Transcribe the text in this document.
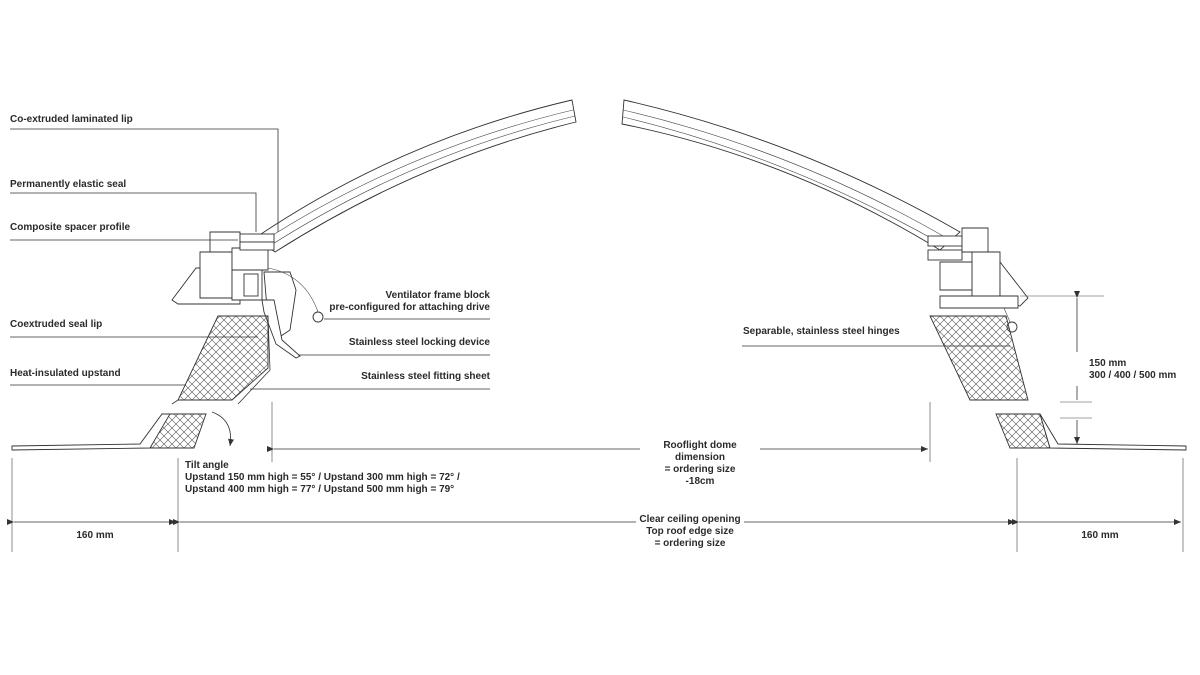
Co-extruded laminated lip
Permanently elastic seal
Composite spacer profile
Coextruded seal lip
Heat-insulated upstand
Ventilator frame block
pre-configured for attaching drive
Stainless steel locking device
Stainless steel fitting sheet
Separable, stainless steel hinges
Tilt angle
Upstand 150 mm high = 55° / Upstand 300 mm high = 72° /
Upstand 400 mm high = 77° / Upstand 500 mm high = 79°
Rooflight dome
dimension
= ordering size
-18cm
150 mm
300 / 400 / 500 mm
160 mm	160 mm
Clear ceiling opening
Top roof edge size
= ordering size
